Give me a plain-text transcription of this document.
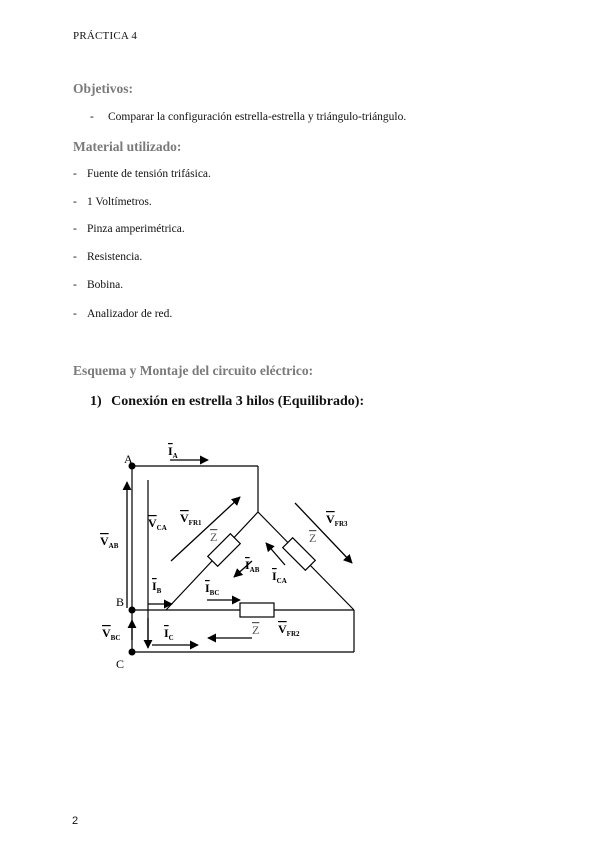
PRÁCTICA 4
Objetivos:
- Comparar la configuración estrella-estrella y triángulo-triángulo.
Material utilizado:
- Fuente de tensión trifásica.
- 1 Voltímetros.
- Pinza amperimétrica.
- Resistencia.
- Bobina.
- Analizador de red.
Esquema y Montaje del circuito eléctrico:
1) Conexión en estrella 3 hilos (Equilibrado):
A
B
C
$I_A$
$V_{AB}$
$V_{CA}$
$V_{FR1}$	$V_{FR3}$
$I_{AB}$ $I_{CA}$
$I_B$	$I_{BC}$
$V_{BC}$	$I_C$
$V_{FR2}$
Z	Z
Z
2
